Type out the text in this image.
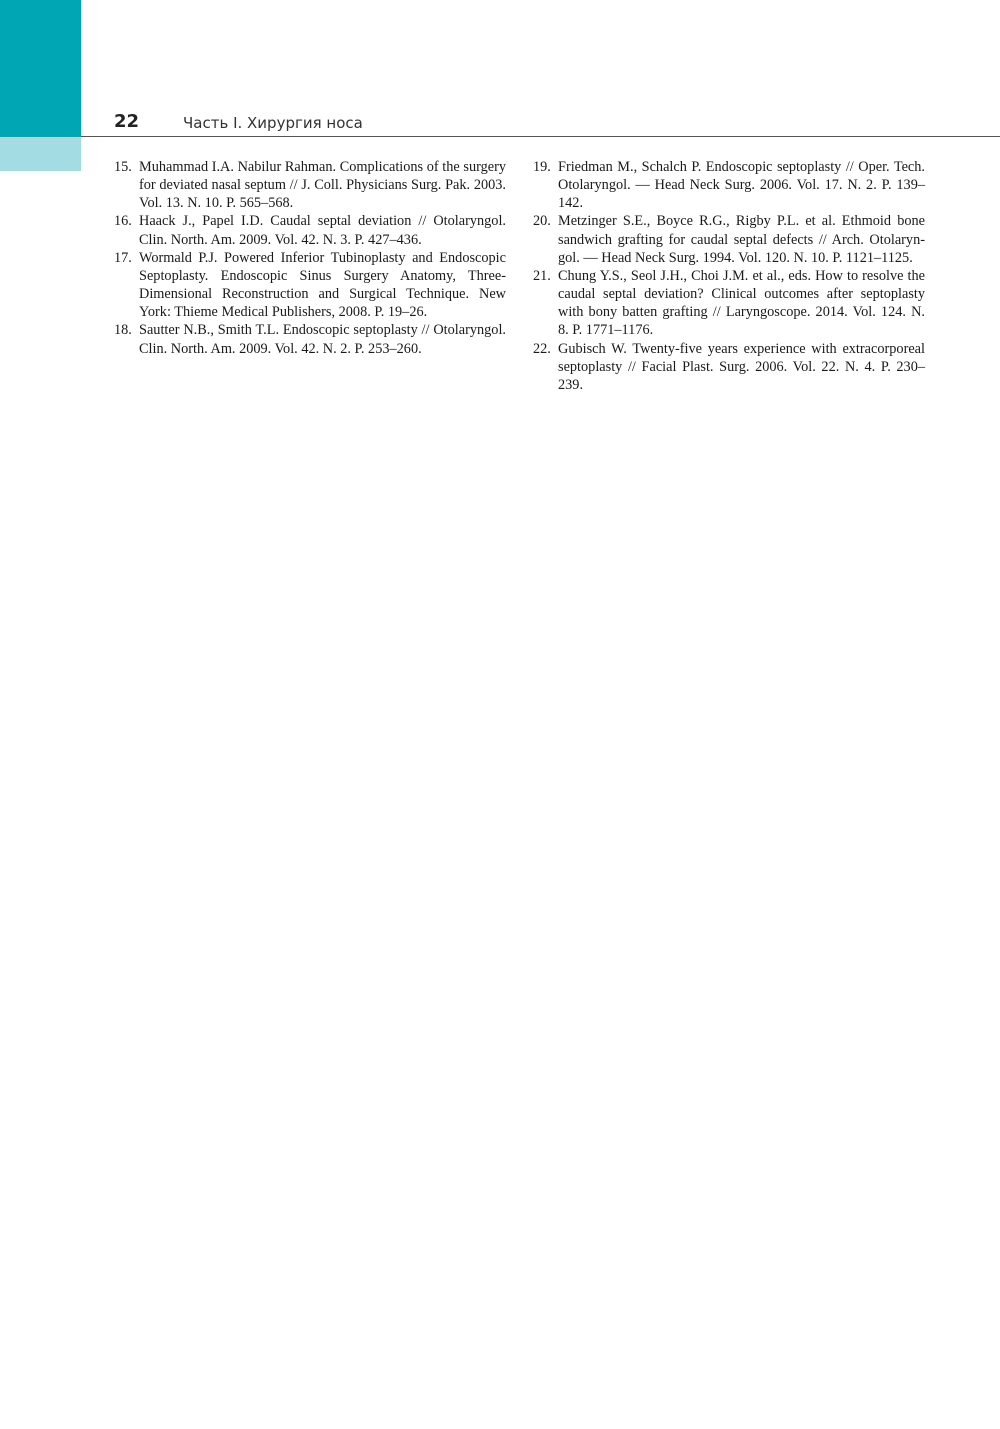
22	Часть I. Хирургия носа
15. Muhammad I.A. Nabilur Rahman. Complications of the surgery for deviated nasal septum // J. Coll. Physicians Surg. Pak. 2003. Vol. 13. N. 10. P. 565–568.
16. Haack J., Papel I.D. Caudal septal deviation // Otolaryngol. Clin. North. Am. 2009. Vol. 42. N. 3. P. 427–436.
17. Wormald P.J. Powered Inferior Tubinoplasty and Endoscopic Septoplasty. Endoscopic Sinus Surgery Anatomy, Three-Dimensional Reconstruction and Surgical Technique. New York: Thieme Medical Publishers, 2008. P. 19–26.
18. Sautter N.B., Smith T.L. Endoscopic septoplasty // Otolaryngol. Clin. North. Am. 2009. Vol. 42. N. 2. P. 253–260.
19. Friedman M., Schalch P. Endoscopic septoplasty // Oper. Tech. Otolaryngol. — Head Neck Surg. 2006. Vol. 17. N. 2. P. 139–142.
20. Metzinger S.E., Boyce R.G., Rigby P.L. et al. Ethmoid bone sandwich grafting for caudal septal defects // Arch. Otolaryngol. — Head Neck Surg. 1994. Vol. 120. N. 10. P. 1121–1125.
21. Chung Y.S., Seol J.H., Choi J.M. et al., eds. How to resolve the caudal septal deviation? Clinical outcomes after septoplasty with bony batten grafting // Laryngoscope. 2014. Vol. 124. N. 8. P. 1771–1176.
22. Gubisch W. Twenty-five years experience with extracorporeal septoplasty // Facial Plast. Surg. 2006. Vol. 22. N. 4. P. 230–239.
